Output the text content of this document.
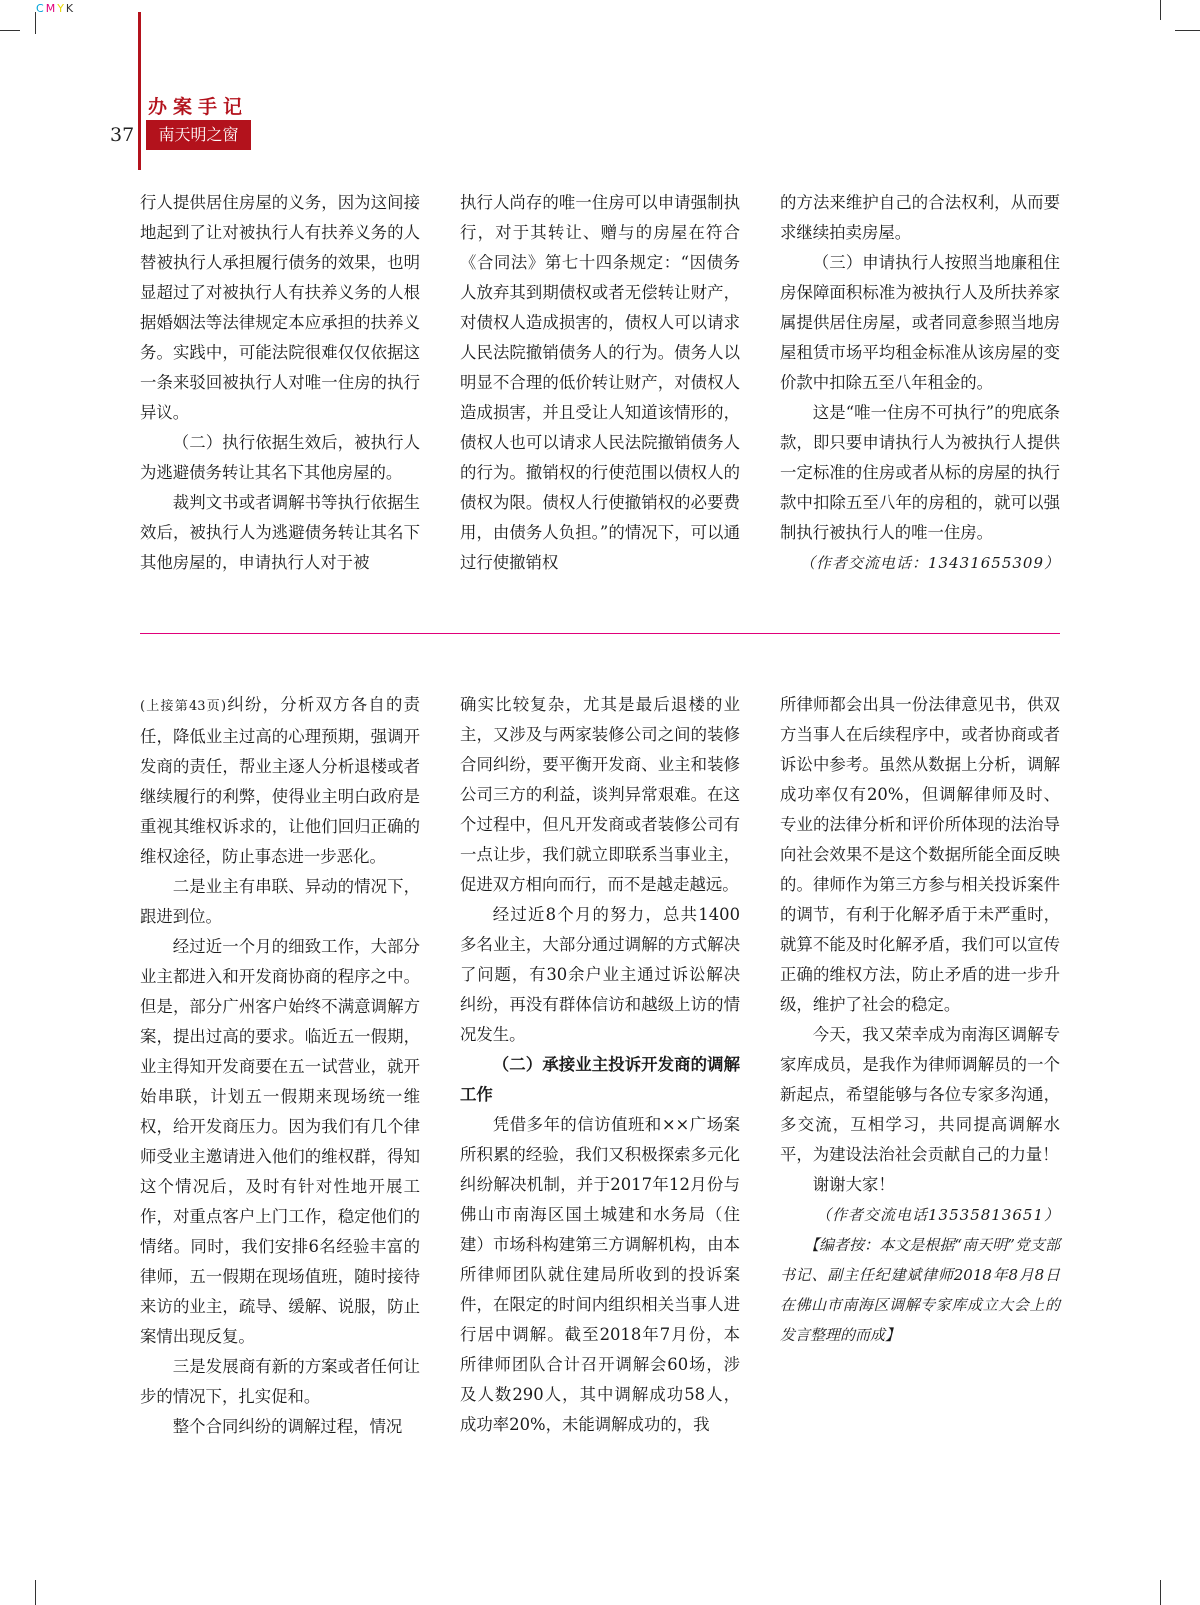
CMYK
办案手记
37	南天明之窗

行人提供居住房屋的义务，因为这间接地起到了让对被执行人有扶养义务的人替被执行人承担履行债务的效果，也明显超过了对被执行人有扶养义务的人根据婚姻法等法律规定本应承担的扶养义务。实践中，可能法院很难仅仅依据这一条来驳回被执行人对唯一住房的执行异议。

（二）执行依据生效后，被执行人为逃避债务转让其名下其他房屋的。

裁判文书或者调解书等执行依据生效后，被执行人为逃避债务转让其名下其他房屋的，申请执行人对于被

执行人尚存的唯一住房可以申请强制执行，对于其转让、赠与的房屋在符合《合同法》第七十四条规定：“因债务人放弃其到期债权或者无偿转让财产，对债权人造成损害的，债权人可以请求人民法院撤销债务人的行为。债务人以明显不合理的低价转让财产，对债权人造成损害，并且受让人知道该情形的，债权人也可以请求人民法院撤销债务人的行为。撤销权的行使范围以债权人的债权为限。债权人行使撤销权的必要费用，由债务人负担。”的情况下，可以通过行使撤销权

的方法来维护自己的合法权利，从而要求继续拍卖房屋。

（三）申请执行人按照当地廉租住房保障面积标准为被执行人及所扶养家属提供居住房屋，或者同意参照当地房屋租赁市场平均租金标准从该房屋的变价款中扣除五至八年租金的。

这是“唯一住房不可执行”的兜底条款，即只要申请执行人为被执行人提供一定标准的住房或者从标的房屋的执行款中扣除五至八年的房租的，就可以强制执行被执行人的唯一住房。

（作者交流电话：13431655309）

(上接第43页)纠纷，分析双方各自的责任，降低业主过高的心理预期，强调开发商的责任，帮业主逐人分析退楼或者继续履行的利弊，使得业主明白政府是重视其维权诉求的，让他们回归正确的维权途径，防止事态进一步恶化。

二是业主有串联、异动的情况下，跟进到位。

经过近一个月的细致工作，大部分业主都进入和开发商协商的程序之中。但是，部分广州客户始终不满意调解方案，提出过高的要求。临近五一假期，业主得知开发商要在五一试营业，就开始串联，计划五一假期来现场统一维权，给开发商压力。因为我们有几个律师受业主邀请进入他们的维权群，得知这个情况后，及时有针对性地开展工作，对重点客户上门工作，稳定他们的情绪。同时，我们安排6名经验丰富的律师，五一假期在现场值班，随时接待来访的业主，疏导、缓解、说服，防止案情出现反复。

三是发展商有新的方案或者任何让步的情况下，扎实促和。

整个合同纠纷的调解过程，情况

确实比较复杂，尤其是最后退楼的业主，又涉及与两家装修公司之间的装修合同纠纷，要平衡开发商、业主和装修公司三方的利益，谈判异常艰难。在这个过程中，但凡开发商或者装修公司有一点让步，我们就立即联系当事业主，促进双方相向而行，而不是越走越远。

经过近8个月的努力，总共1400多名业主，大部分通过调解的方式解决了问题，有30余户业主通过诉讼解决纠纷，再没有群体信访和越级上访的情况发生。

（二）承接业主投诉开发商的调解工作

凭借多年的信访值班和××广场案所积累的经验，我们又积极探索多元化纠纷解决机制，并于2017年12月份与佛山市南海区国土城建和水务局（住建）市场科构建第三方调解机构，由本所律师团队就住建局所收到的投诉案件，在限定的时间内组织相关当事人进行居中调解。截至2018年7月份，本所律师团队合计召开调解会60场，涉及人数290人，其中调解成功58人，成功率20%，未能调解成功的，我

所律师都会出具一份法律意见书，供双方当事人在后续程序中，或者协商或者诉讼中参考。虽然从数据上分析，调解成功率仅有20%，但调解律师及时、专业的法律分析和评价所体现的法治导向社会效果不是这个数据所能全面反映的。律师作为第三方参与相关投诉案件的调节，有利于化解矛盾于未严重时，就算不能及时化解矛盾，我们可以宣传正确的维权方法，防止矛盾的进一步升级，维护了社会的稳定。

今天，我又荣幸成为南海区调解专家库成员，是我作为律师调解员的一个新起点，希望能够与各位专家多沟通，多交流，互相学习，共同提高调解水平，为建设法治社会贡献自己的力量！

谢谢大家！

（作者交流电话13535813651）

【编者按：本文是根据“南天明”党支部书记、副主任纪建斌律师2018年8月8日在佛山市南海区调解专家库成立大会上的发言整理的而成】
